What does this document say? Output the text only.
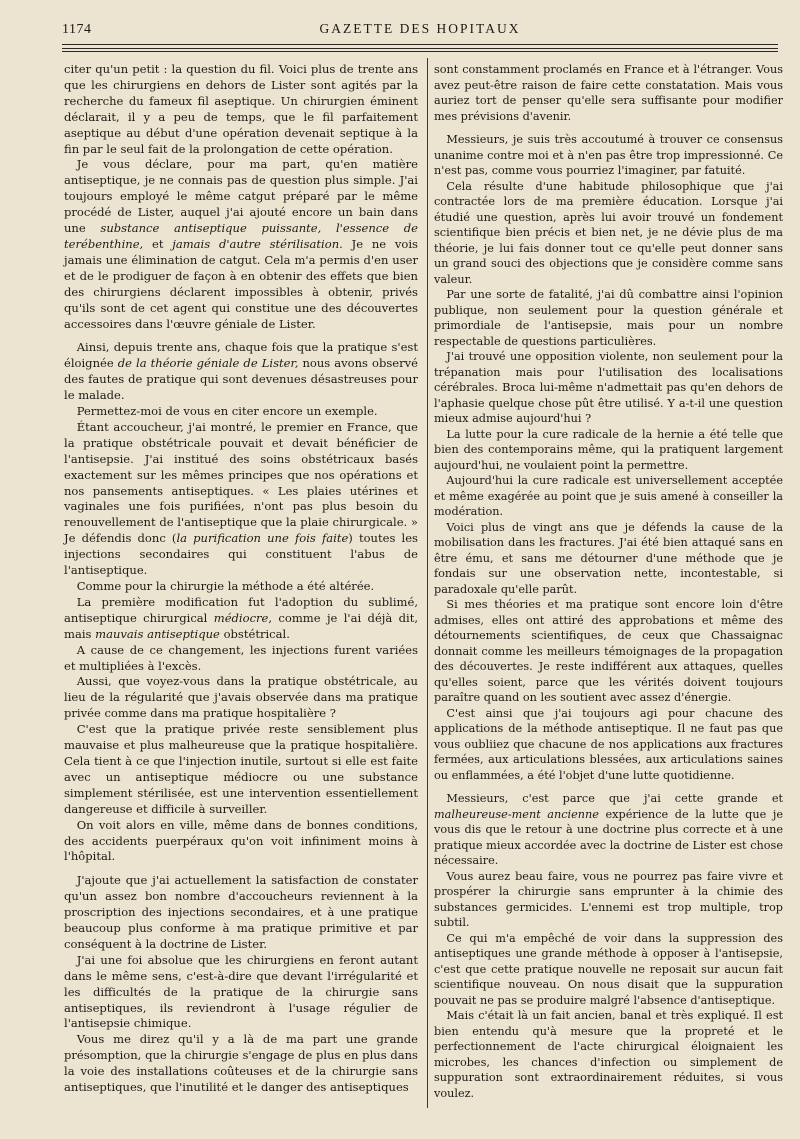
1174	GAZETTE DES HOPITAUX

citer qu'un petit : la question du fil. Voici plus de trente ans que les chirurgiens en dehors de Lister sont agités par la recherche du fameux fil aseptique. Un chirurgien éminent déclarait, il y a peu de temps, que le fil parfaitement aseptique au début d'une opération devenait septique à la fin par le seul fait de la prolongation de cette opération.

Je vous déclare, pour ma part, qu'en matière antiseptique, je ne connais pas de question plus simple. J'ai toujours employé le même catgut préparé par le même procédé de Lister, auquel j'ai ajouté encore un bain dans une substance antiseptique puissante, l'essence de terébenthine, et jamais d'autre stérilisation. Je ne vois jamais une élimination de catgut. Cela m'a permis d'en user et de le prodiguer de façon à en obtenir des effets que bien des chirurgiens déclarent impossibles à obtenir, privés qu'ils sont de cet agent qui constitue une des découvertes accessoires dans l'œuvre géniale de Lister.

Ainsi, depuis trente ans, chaque fois que la pratique s'est éloignée de la théorie géniale de Lister, nous avons observé des fautes de pratique qui sont devenues désastreuses pour le malade.

Permettez-moi de vous en citer encore un exemple.

Étant accoucheur, j'ai montré, le premier en France, que la pratique obstétricale pouvait et devait bénéficier de l'antisepsie. J'ai institué des soins obstétricaux basés exactement sur les mêmes principes que nos opérations et nos pansements antiseptiques. « Les plaies utérines et vaginales une fois purifiées, n'ont pas plus besoin du renouvellement de l'antiseptique que la plaie chirurgicale. » Je défendis donc (la purification une fois faite) toutes les injections secondaires qui constituent l'abus de l'antiseptique.

Comme pour la chirurgie la méthode a été altérée.

La première modification fut l'adoption du sublimé, antiseptique chirurgical médiocre, comme je l'ai déjà dit, mais mauvais antiseptique obstétrical.

A cause de ce changement, les injections furent variées et multipliées à l'excès.

Aussi, que voyez-vous dans la pratique obstétricale, au lieu de la régularité que j'avais observée dans ma pratique privée comme dans ma pratique hospitalière ?

C'est que la pratique privée reste sensiblement plus mauvaise et plus malheureuse que la pratique hospitalière. Cela tient à ce que l'injection inutile, surtout si elle est faite avec un antiseptique médiocre ou une substance simplement stérilisée, est une intervention essentiellement dangereuse et difficile à surveiller.

On voit alors en ville, même dans de bonnes conditions, des accidents puerpéraux qu'on voit infiniment moins à l'hôpital.

J'ajoute que j'ai actuellement la satisfaction de constater qu'un assez bon nombre d'accoucheurs reviennent à la proscription des injections secondaires, et à une pratique beaucoup plus conforme à ma pratique primitive et par conséquent à la doctrine de Lister.

J'ai une foi absolue que les chirurgiens en feront autant dans le même sens, c'est-à-dire que devant l'irrégularité et les difficultés de la pratique de la chirurgie sans antiseptiques, ils reviendront à l'usage régulier de l'antisepsie chimique.

Vous me direz qu'il y a là de ma part une grande présomption, que la chirurgie s'engage de plus en plus dans la voie des installations coûteuses et de la chirurgie sans antiseptiques, que l'inutilité et le danger des antiseptiques

sont constamment proclamés en France et à l'étranger. Vous avez peut-être raison de faire cette constatation. Mais vous auriez tort de penser qu'elle sera suffisante pour modifier mes prévisions d'avenir.

Messieurs, je suis très accoutumé à trouver ce consensus unanime contre moi et à n'en pas être trop impressionné. Ce n'est pas, comme vous pourriez l'imaginer, par fatuité.

Cela résulte d'une habitude philosophique que j'ai contractée lors de ma première éducation. Lorsque j'ai étudié une question, après lui avoir trouvé un fondement scientifique bien précis et bien net, je ne dévie plus de ma théorie, je lui fais donner tout ce qu'elle peut donner sans un grand souci des objections que je considère comme sans valeur.

Par une sorte de fatalité, j'ai dû combattre ainsi l'opinion publique, non seulement pour la question générale et primordiale de l'antisepsie, mais pour un nombre respectable de questions particulières.

J'ai trouvé une opposition violente, non seulement pour la trépanation mais pour l'utilisation des localisations cérébrales. Broca lui-même n'admettait pas qu'en dehors de l'aphasie quelque chose pût être utilisé. Y a-t-il une question mieux admise aujourd'hui ?

La lutte pour la cure radicale de la hernie a été telle que bien des contemporains même, qui la pratiquent largement aujourd'hui, ne voulaient point la permettre.

Aujourd'hui la cure radicale est universellement acceptée et même exagérée au point que je suis amené à conseiller la modération.

Voici plus de vingt ans que je défends la cause de la mobilisation dans les fractures. J'ai été bien attaqué sans en être ému, et sans me détourner d'une méthode que je fondais sur une observation nette, incontestable, si paradoxale qu'elle parût.

Si mes théories et ma pratique sont encore loin d'être admises, elles ont attiré des approbations et même des détournements scientifiques, de ceux que Chassaignac donnait comme les meilleurs témoignages de la propagation des découvertes. Je reste indifférent aux attaques, quelles qu'elles soient, parce que les vérités doivent toujours paraître quand on les soutient avec assez d'énergie.

C'est ainsi que j'ai toujours agi pour chacune des applications de la méthode antiseptique. Il ne faut pas que vous oubliiez que chacune de nos applications aux fractures fermées, aux articulations blessées, aux articulations saines ou enflammées, a été l'objet d'une lutte quotidienne.

Messieurs, c'est parce que j'ai cette grande et malheureuse-ment ancienne expérience de la lutte que je vous dis que le retour à une doctrine plus correcte et à une pratique mieux accordée avec la doctrine de Lister est chose nécessaire.

Vous aurez beau faire, vous ne pourrez pas faire vivre et prospérer la chirurgie sans emprunter à la chimie des substances germicides. L'ennemi est trop multiple, trop subtil.

Ce qui m'a empêché de voir dans la suppression des antiseptiques une grande méthode à opposer à l'antisepsie, c'est que cette pratique nouvelle ne reposait sur aucun fait scientifique nouveau. On nous disait que la suppuration pouvait ne pas se produire malgré l'absence d'antiseptique.

Mais c'était là un fait ancien, banal et très expliqué. Il est bien entendu qu'à mesure que la propreté et le perfectionnement de l'acte chirurgical éloignaient les microbes, les chances d'infection ou simplement de suppuration sont extraordinairement réduites, si vous voulez.
